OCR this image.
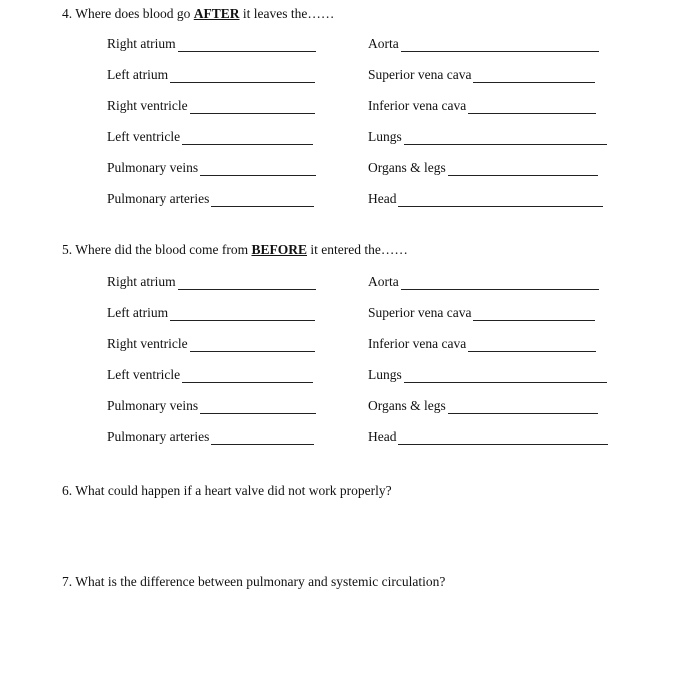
4. Where does blood go AFTER it leaves the……
Right atrium	Aorta
Left atrium	Superior vena cava
Right ventricle	Inferior vena cava
Left ventricle	Lungs
Pulmonary veins	Organs & legs
Pulmonary arteries	Head
5. Where did the blood come from BEFORE it entered the……
Right atrium	Aorta
Left atrium	Superior vena cava
Right ventricle	Inferior vena cava
Left ventricle	Lungs
Pulmonary veins	Organs & legs
Pulmonary arteries	Head
6. What could happen if a heart valve did not work properly?
7. What is the difference between pulmonary and systemic circulation?
